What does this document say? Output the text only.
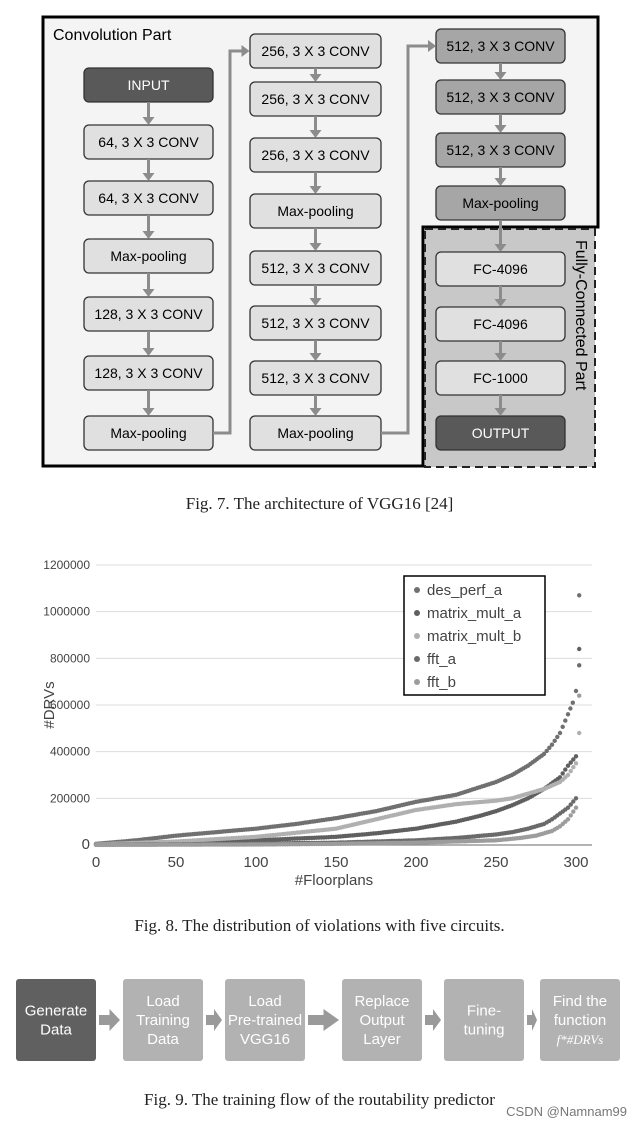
Convolution Part
Fully-Connected Part
INPUT
64, 3 X 3 CONV
64, 3 X 3 CONV
Max-pooling
128, 3 X 3 CONV
128, 3 X 3 CONV
Max-pooling
256, 3 X 3 CONV
256, 3 X 3 CONV
256, 3 X 3 CONV
Max-pooling
512, 3 X 3 CONV
512, 3 X 3 CONV
512, 3 X 3 CONV
Max-pooling
512, 3 X 3 CONV
512, 3 X 3 CONV
512, 3 X 3 CONV
Max-pooling
FC-4096
FC-4096
FC-1000
OUTPUT
Fig. 7. The architecture of VGG16 [24]
0
200000
400000
600000
800000
1000000
1200000
0	50	100	150	200	250	300
#Floorplans
#DRVs
des_perf_a
matrix_mult_a
matrix_mult_b
fft_a
fft_b
Fig. 8. The distribution of violations with five circuits.
Generate
Data
Load
Training
Data
Load
Pre-trained
VGG16
Replace
Output
Layer
Fine-
tuning
Find the
function
f*#DRVs
Fig. 9. The training flow of the routability predictor
CSDN @Namnam99
